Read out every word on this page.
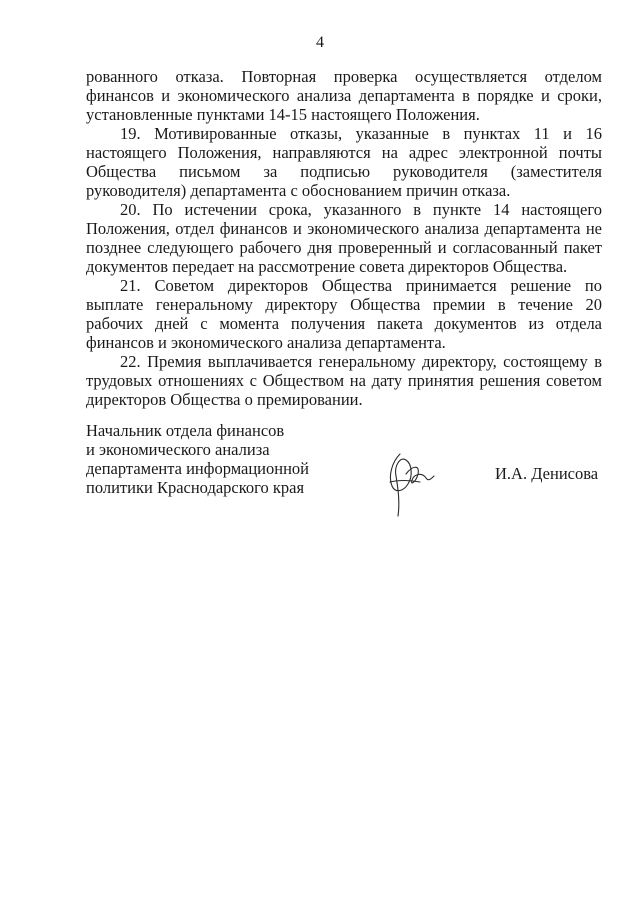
4

рованного отказа. Повторная проверка осуществляется отделом финансов и экономического анализа департамента в порядке и сроки, установленные пунктами 14-15 настоящего Положения.

19. Мотивированные отказы, указанные в пунктах 11 и 16 настоящего Положения, направляются на адрес электронной почты Общества письмом за подписью руководителя (заместителя руководителя) департамента с обоснованием причин отказа.

20. По истечении срока, указанного в пункте 14 настоящего Положения, отдел финансов и экономического анализа департамента не позднее следующего рабочего дня проверенный и согласованный пакет документов передает на рассмотрение совета директоров Общества.

21. Советом директоров Общества принимается решение по выплате генеральному директору Общества премии в течение 20 рабочих дней с момента получения пакета документов из отдела финансов и экономического анализа департамента.

22. Премия выплачивается генеральному директору, состоящему в трудовых отношениях с Обществом на дату принятия решения советом директоров Общества о премировании.

Начальник отдела финансов
и экономического анализа
департамента информационной
политики Краснодарского края
И.А. Денисова
